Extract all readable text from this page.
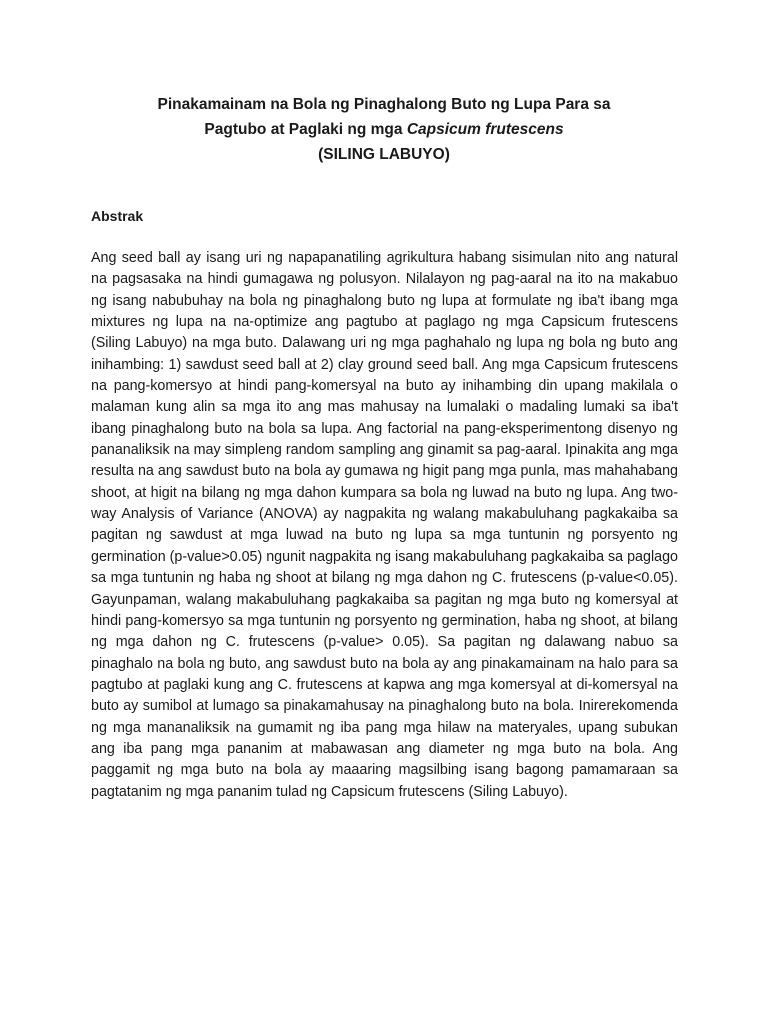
Pinakamainam na Bola ng Pinaghalong Buto ng Lupa Para sa
Pagtubo at Paglaki ng mga Capsicum frutescens
(SILING LABUYO)
Abstrak

Ang seed ball ay isang uri ng napapanatiling agrikultura habang sisimulan nito ang natural na pagsasaka na hindi gumagawa ng polusyon. Nilalayon ng pag-aaral na ito na makabuo ng isang nabubuhay na bola ng pinaghalong buto ng lupa at formulate ng iba't ibang mga mixtures ng lupa na na-optimize ang pagtubo at paglago ng mga Capsicum frutescens (Siling Labuyo) na mga buto. Dalawang uri ng mga paghahalo ng lupa ng bola ng buto ang inihambing: 1) sawdust seed ball at 2) clay ground seed ball. Ang mga Capsicum frutescens na pang-komersyo at hindi pang-komersyal na buto ay inihambing din upang makilala o malaman kung alin sa mga ito ang mas mahusay na lumalaki o madaling lumaki sa iba't ibang pinaghalong buto na bola sa lupa. Ang factorial na pang-eksperimentong disenyo ng pananaliksik na may simpleng random sampling ang ginamit sa pag-aaral. Ipinakita ang mga resulta na ang sawdust buto na bola ay gumawa ng higit pang mga punla, mas mahahabang shoot, at higit na bilang ng mga dahon kumpara sa bola ng luwad na buto ng lupa. Ang two-way Analysis of Variance (ANOVA) ay nagpakita ng walang makabuluhang pagkakaiba sa pagitan ng sawdust at mga luwad na buto ng lupa sa mga tuntunin ng porsyento ng germination (p-value>0.05) ngunit nagpakita ng isang makabuluhang pagkakaiba sa paglago sa mga tuntunin ng haba ng shoot at bilang ng mga dahon ng C. frutescens (p-value<0.05). Gayunpaman, walang makabuluhang pagkakaiba sa pagitan ng mga buto ng komersyal at hindi pang-komersyo sa mga tuntunin ng porsyento ng germination, haba ng shoot, at bilang ng mga dahon ng C. frutescens (p-value> 0.05). Sa pagitan ng dalawang nabuo sa pinaghalo na bola ng buto, ang sawdust buto na bola ay ang pinakamainam na halo para sa pagtubo at paglaki kung ang C. frutescens at kapwa ang mga komersyal at di-komersyal na buto ay sumibol at lumago sa pinakamahusay na pinaghalong buto na bola. Inirerekomenda ng mga mananaliksik na gumamit ng iba pang mga hilaw na materyales, upang subukan ang iba pang mga pananim at mabawasan ang diameter ng mga buto na bola. Ang paggamit ng mga buto na bola ay maaaring magsilbing isang bagong pamamaraan sa pagtatanim ng mga pananim tulad ng Capsicum frutescens (Siling Labuyo).
